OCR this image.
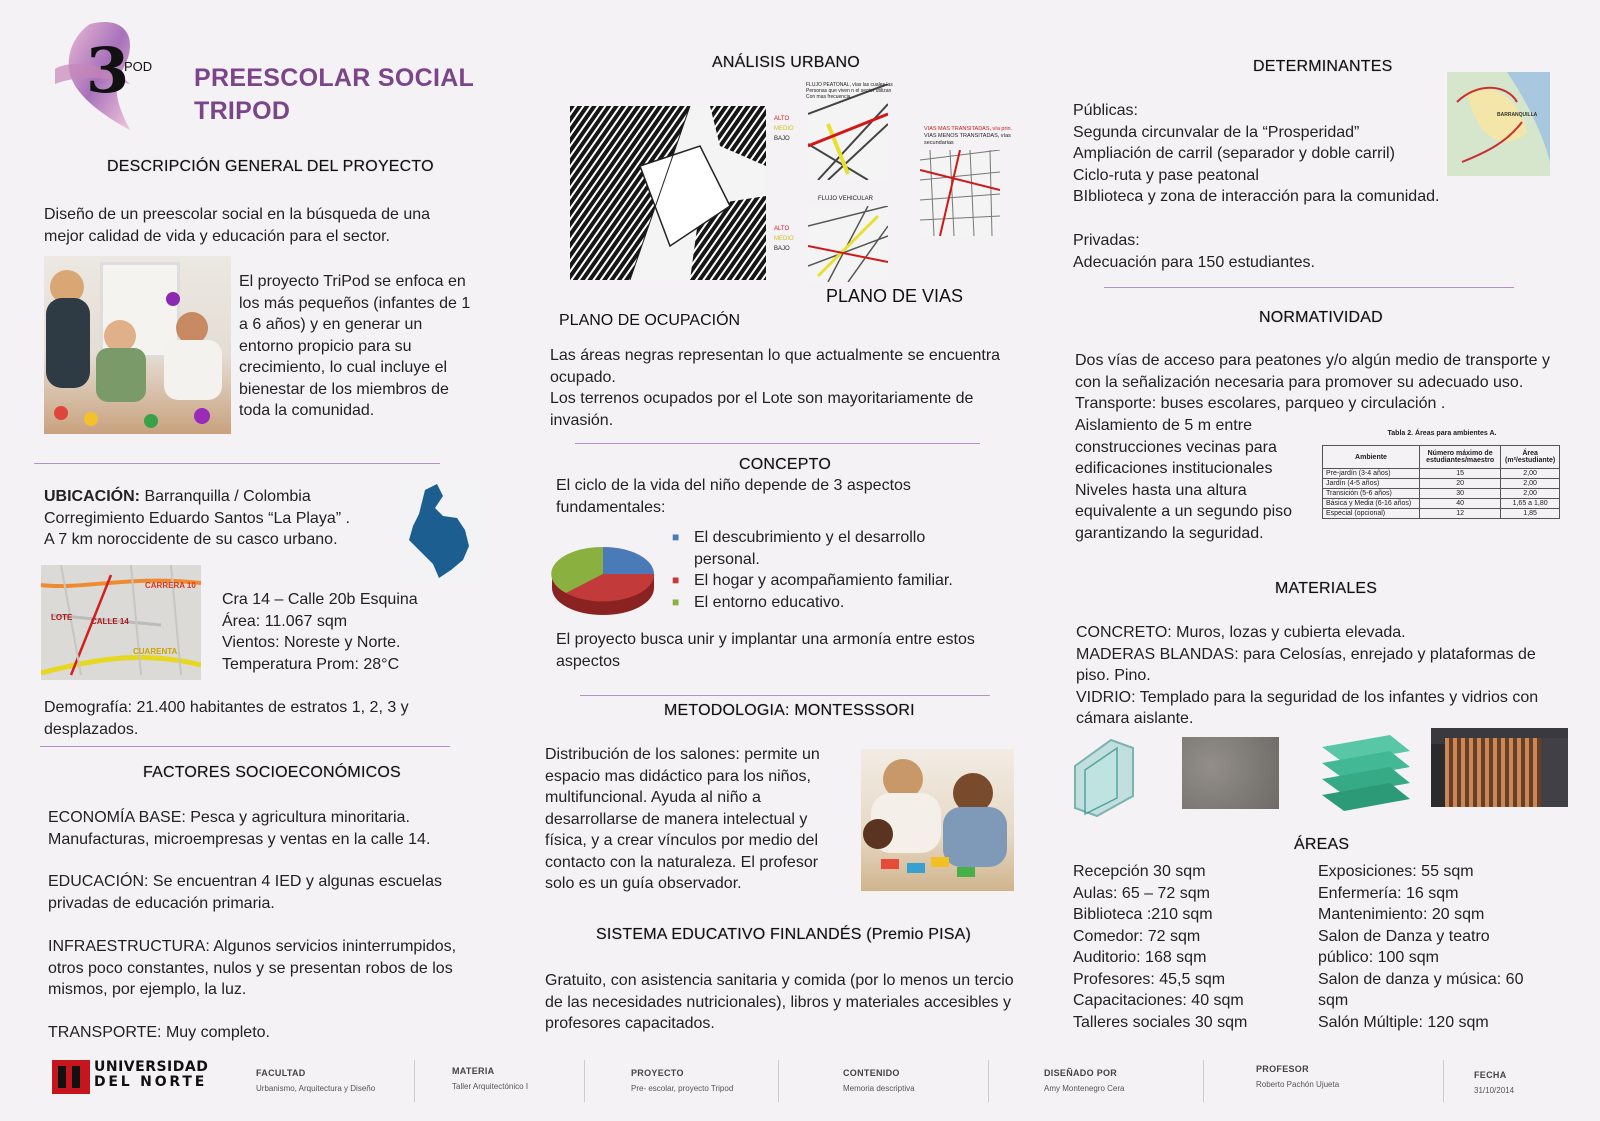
3
POD PREESCOLAR SOCIAL
TRIPOD
DESCRIPCIÓN GENERAL DEL PROYECTO

Diseño de un preescolar social en la búsqueda de una mejor calidad de vida y educación para el sector.

El proyecto TriPod se enfoca en los más pequeños (infantes de 1 a 6 años) y en generar un entorno propicio para su crecimiento, lo cual incluye el bienestar de los miembros de toda la comunidad.

UBICACIÓN: Barranquilla / Colombia
Corregimiento Eduardo Santos “La Playa” .
A 7 km noroccidente de su casco urbano.
CARRERA 10
LOTE CALLE 14
CUARENTA
Cra 14 – Calle 20b Esquina
Área: 11.067 sqm
Vientos: Noreste y Norte.
Temperatura Prom: 28°C

Demografía: 21.400 habitantes de estratos 1, 2, 3 y desplazados.

FACTORES SOCIOECONÓMICOS

ECONOMÍA BASE: Pesca y agricultura minoritaria. Manufacturas, microempresas y ventas en la calle 14.

EDUCACIÓN: Se encuentran 4 IED y algunas escuelas privadas de educación primaria.

INFRAESTRUCTURA: Algunos servicios ininterrumpidos, otros poco constantes, nulos y se presentan robos de los mismos, por ejemplo, la luz.

TRANSPORTE: Muy completo.

ANÁLISIS URBANO
FLUJO PEATONAL, vías las cuales las Personas que viven n el sector utilizan Con mas frecuencia
ALTO
MEDIO
BAJO
FLUJO VEHICULAR
ALTO
MEDIO
BAJO
VIAS MAS TRANSITADAS, vía prin.
VIAS MENOS TRANSITADAS, vías secundarias
PLANO DE VIAS
PLANO DE OCUPACIÓN

Las áreas negras representan lo que actualmente se encuentra ocupado.

Los terrenos ocupados por el Lote son mayoritariamente de invasión.

CONCEPTO

El ciclo de la vida del niño depende de 3 aspectos fundamentales:

■ El descubrimiento y el desarrollo personal.
■ El hogar y acompañamiento familiar.
■ El entorno educativo.

El proyecto busca unir y implantar una armonía entre estos aspectos

METODOLOGIA: MONTESSSORI

Distribución de los salones: permite un espacio mas didáctico para los niños, multifuncional. Ayuda al niño a desarrollarse de manera intelectual y física, y a crear vínculos por medio del contacto con la naturaleza. El profesor solo es un guía observador.

SISTEMA EDUCATIVO FINLANDÉS (Premio PISA)

Gratuito, con asistencia sanitaria y comida (por lo menos un tercio de las necesidades nutricionales), libros y materiales accesibles y profesores capacitados.

DETERMINANTES
BARRANQUILLA
Públicas:
Segunda circunvalar de la “Prosperidad”
Ampliación de carril (separador y doble carril)
Ciclo-ruta y pase peatonal
BIblioteca y zona de interacción para la comunidad.
Privadas:
Adecuación para 150 estudiantes.
NORMATIVIDAD

Dos vías de acceso para peatones y/o algún medio de transporte y con la señalización necesaria para promover su adecuado uso.

Transporte: buses escolares, parqueo y circulación .

Aislamiento de 5 m entre construcciones vecinas para edificaciones institucionales Niveles hasta una altura equivalente a un segundo piso garantizando la seguridad.

Tabla 2. Áreas para ambientes A.
Ambiente	Número máximo de estudiantes/maestro	Área (m²/estudiante)
Pre-jardín (3-4 años)	15	2,00
Jardín (4-5 años)	20	2,00
Transición (5-6 años)	30	2,00
Básica y Media (6-16 años)	40	1,65 a 1,80
Especial (opcional)	12	1,85
MATERIALES

CONCRETO: Muros, lozas y cubierta elevada.

MADERAS BLANDAS: para Celosías, enrejado y plataformas de piso. Pino.

VIDRIO: Templado para la seguridad de los infantes y vidrios con cámara aislante.

ÁREAS
Recepción 30 sqm
Aulas: 65 – 72 sqm
Biblioteca :210 sqm
Comedor: 72 sqm
Auditorio: 168 sqm
Profesores: 45,5 sqm
Capacitaciones: 40 sqm
Talleres sociales 30 sqm
Exposiciones: 55 sqm
Enfermería: 16 sqm
Mantenimiento: 20 sqm
Salon de Danza y teatro público: 100 sqm
Salon de danza y música: 60 sqm
Salón Múltiple: 120 sqm
UNIVERSIDAD
DEL NORTE
FACULTAD
Urbanismo, Arquitectura y Diseño
MATERIA
Taller Arquitectónico I
PROYECTO
Pre- escolar, proyecto Tripod
CONTENIDO
Memoria descriptiva
DISEÑADO POR
Amy Montenegro Cera
PROFESOR
Roberto Pachón Ujueta
FECHA
31/10/2014
